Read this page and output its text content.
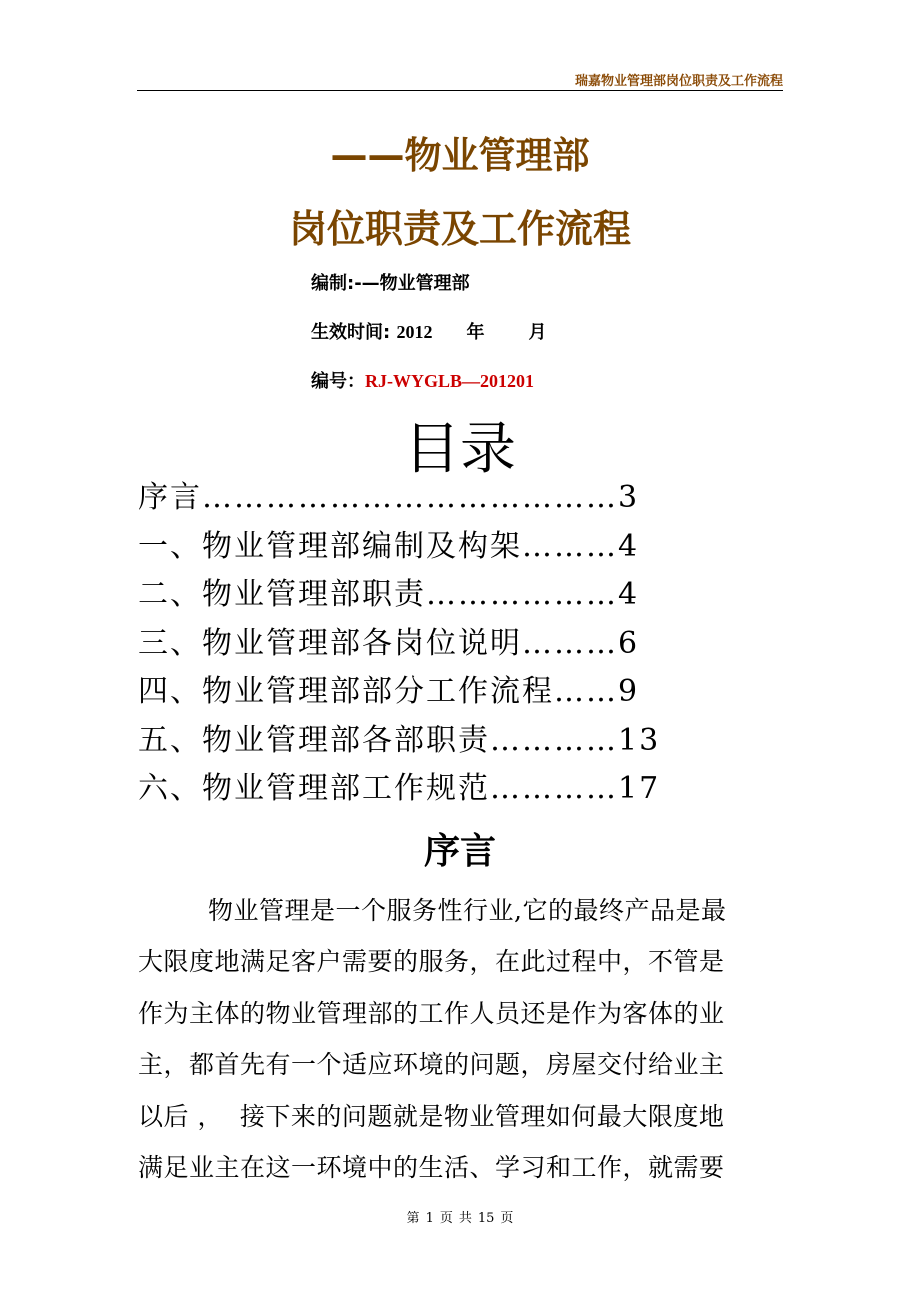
瑞嘉物业管理部岗位职责及工作流程
——物业管理部
岗位职责及工作流程
编制:-—物业管理部
生效时间: 2012 年 月
编号：RJ-WYGLB—201201
目录
序言…………………………………3
一、物业管理部编制及构架………4
二、物业管理部职责………………4
三、物业管理部各岗位说明………6
四、物业管理部部分工作流程……9
五、物业管理部各部职责…………13
六、物业管理部工作规范…………17
序言
物业管理是一个服务性行业,它的最终产品是最
大限度地满足客户需要的服务，在此过程中，不管是
作为主体的物业管理部的工作人员还是作为客体的业
主，都首先有一个适应环境的问题，房屋交付给业主
以后 ，  接下来的问题就是物业管理如何最大限度地
满足业主在这一环境中的生活、学习和工作，就需要
第 1 页 共 15 页
